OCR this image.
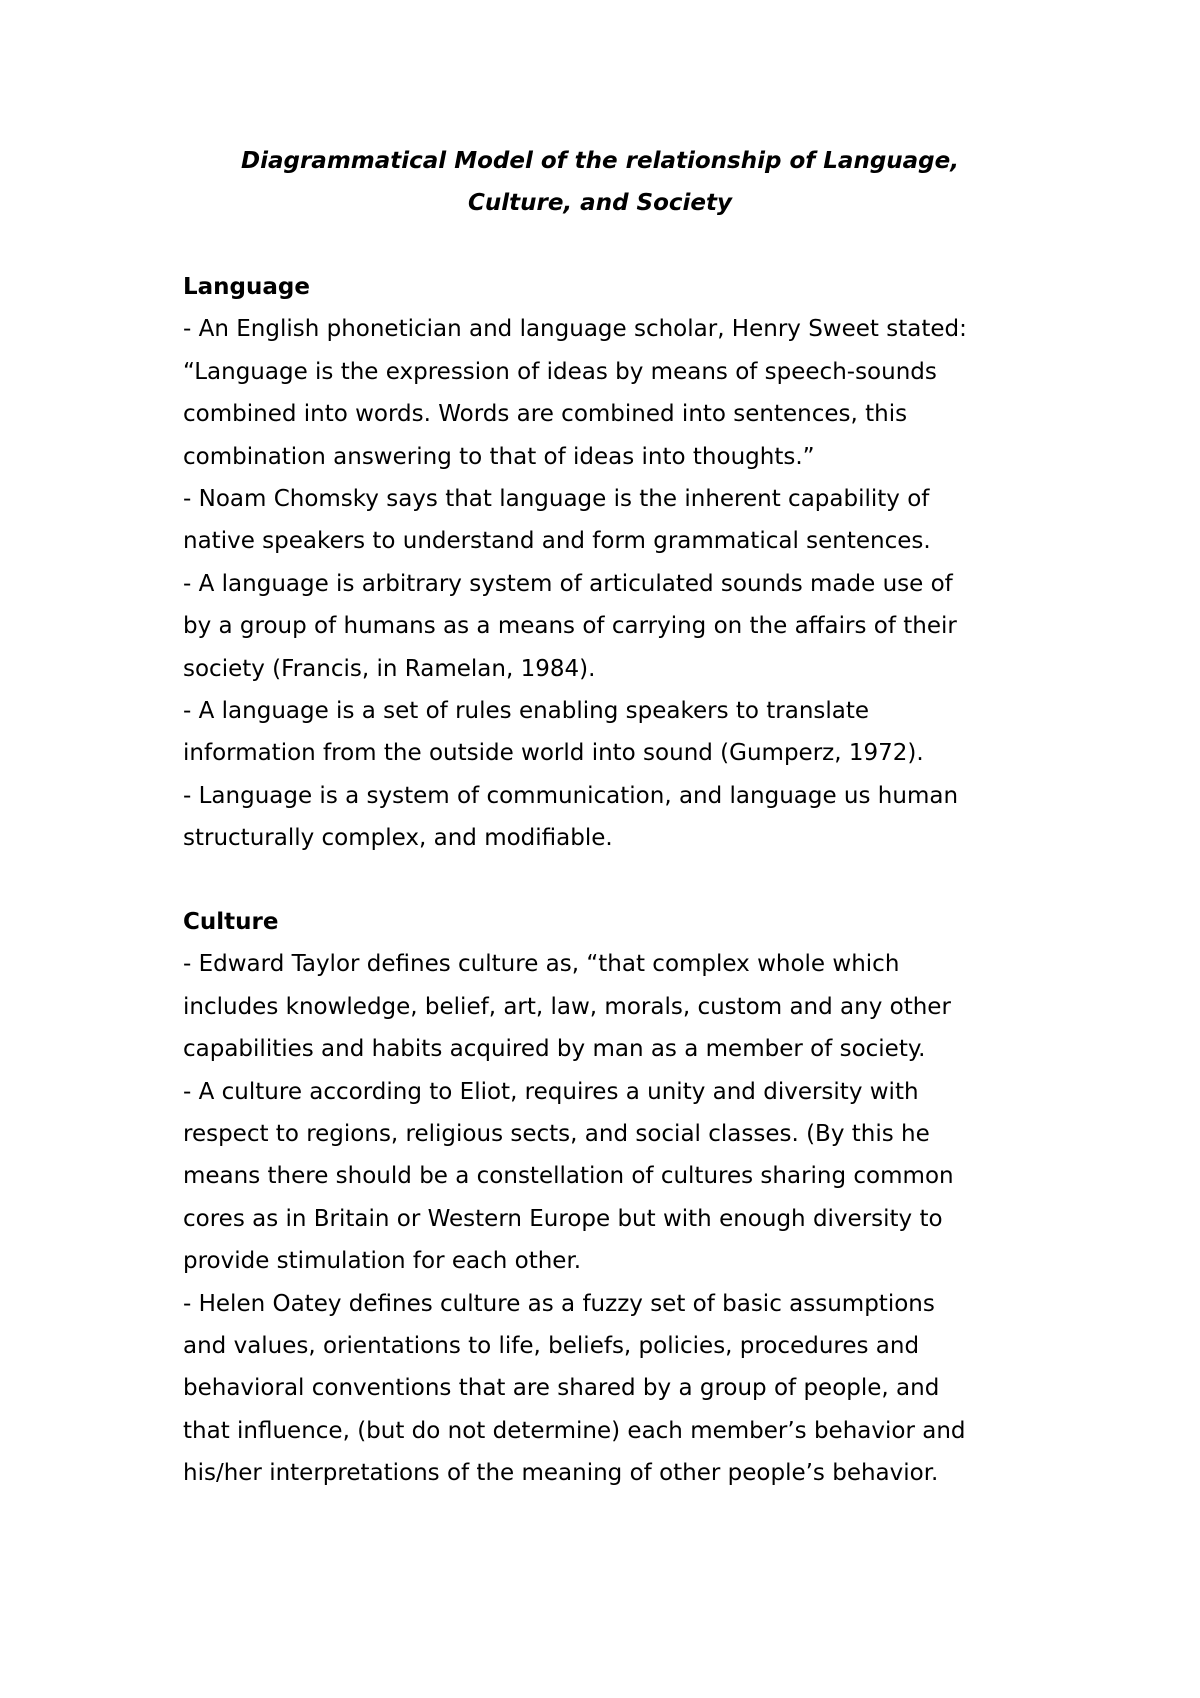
Diagrammatical Model of the relationship of Language,
Culture, and Society
Language
- An English phonetician and language scholar, Henry Sweet stated:
“Language is the expression of ideas by means of speech-sounds
combined into words. Words are combined into sentences, this
combination answering to that of ideas into thoughts.”
- Noam Chomsky says that language is the inherent capability of
native speakers to understand and form grammatical sentences.
- A language is arbitrary system of articulated sounds made use of
by a group of humans as a means of carrying on the affairs of their
society (Francis, in Ramelan, 1984).
- A language is a set of rules enabling speakers to translate
information from the outside world into sound (Gumperz, 1972).
- Language is a system of communication, and language us human
structurally complex, and modifiable.
Culture
- Edward Taylor defines culture as, “that complex whole which
includes knowledge, belief, art, law, morals, custom and any other
capabilities and habits acquired by man as a member of society.
- A culture according to Eliot, requires a unity and diversity with
respect to regions, religious sects, and social classes. (By this he
means there should be a constellation of cultures sharing common
cores as in Britain or Western Europe but with enough diversity to
provide stimulation for each other.
- Helen Oatey defines culture as a fuzzy set of basic assumptions
and values, orientations to life, beliefs, policies, procedures and
behavioral conventions that are shared by a group of people, and
that influence, (but do not determine) each member’s behavior and
his/her interpretations of the meaning of other people’s behavior.
